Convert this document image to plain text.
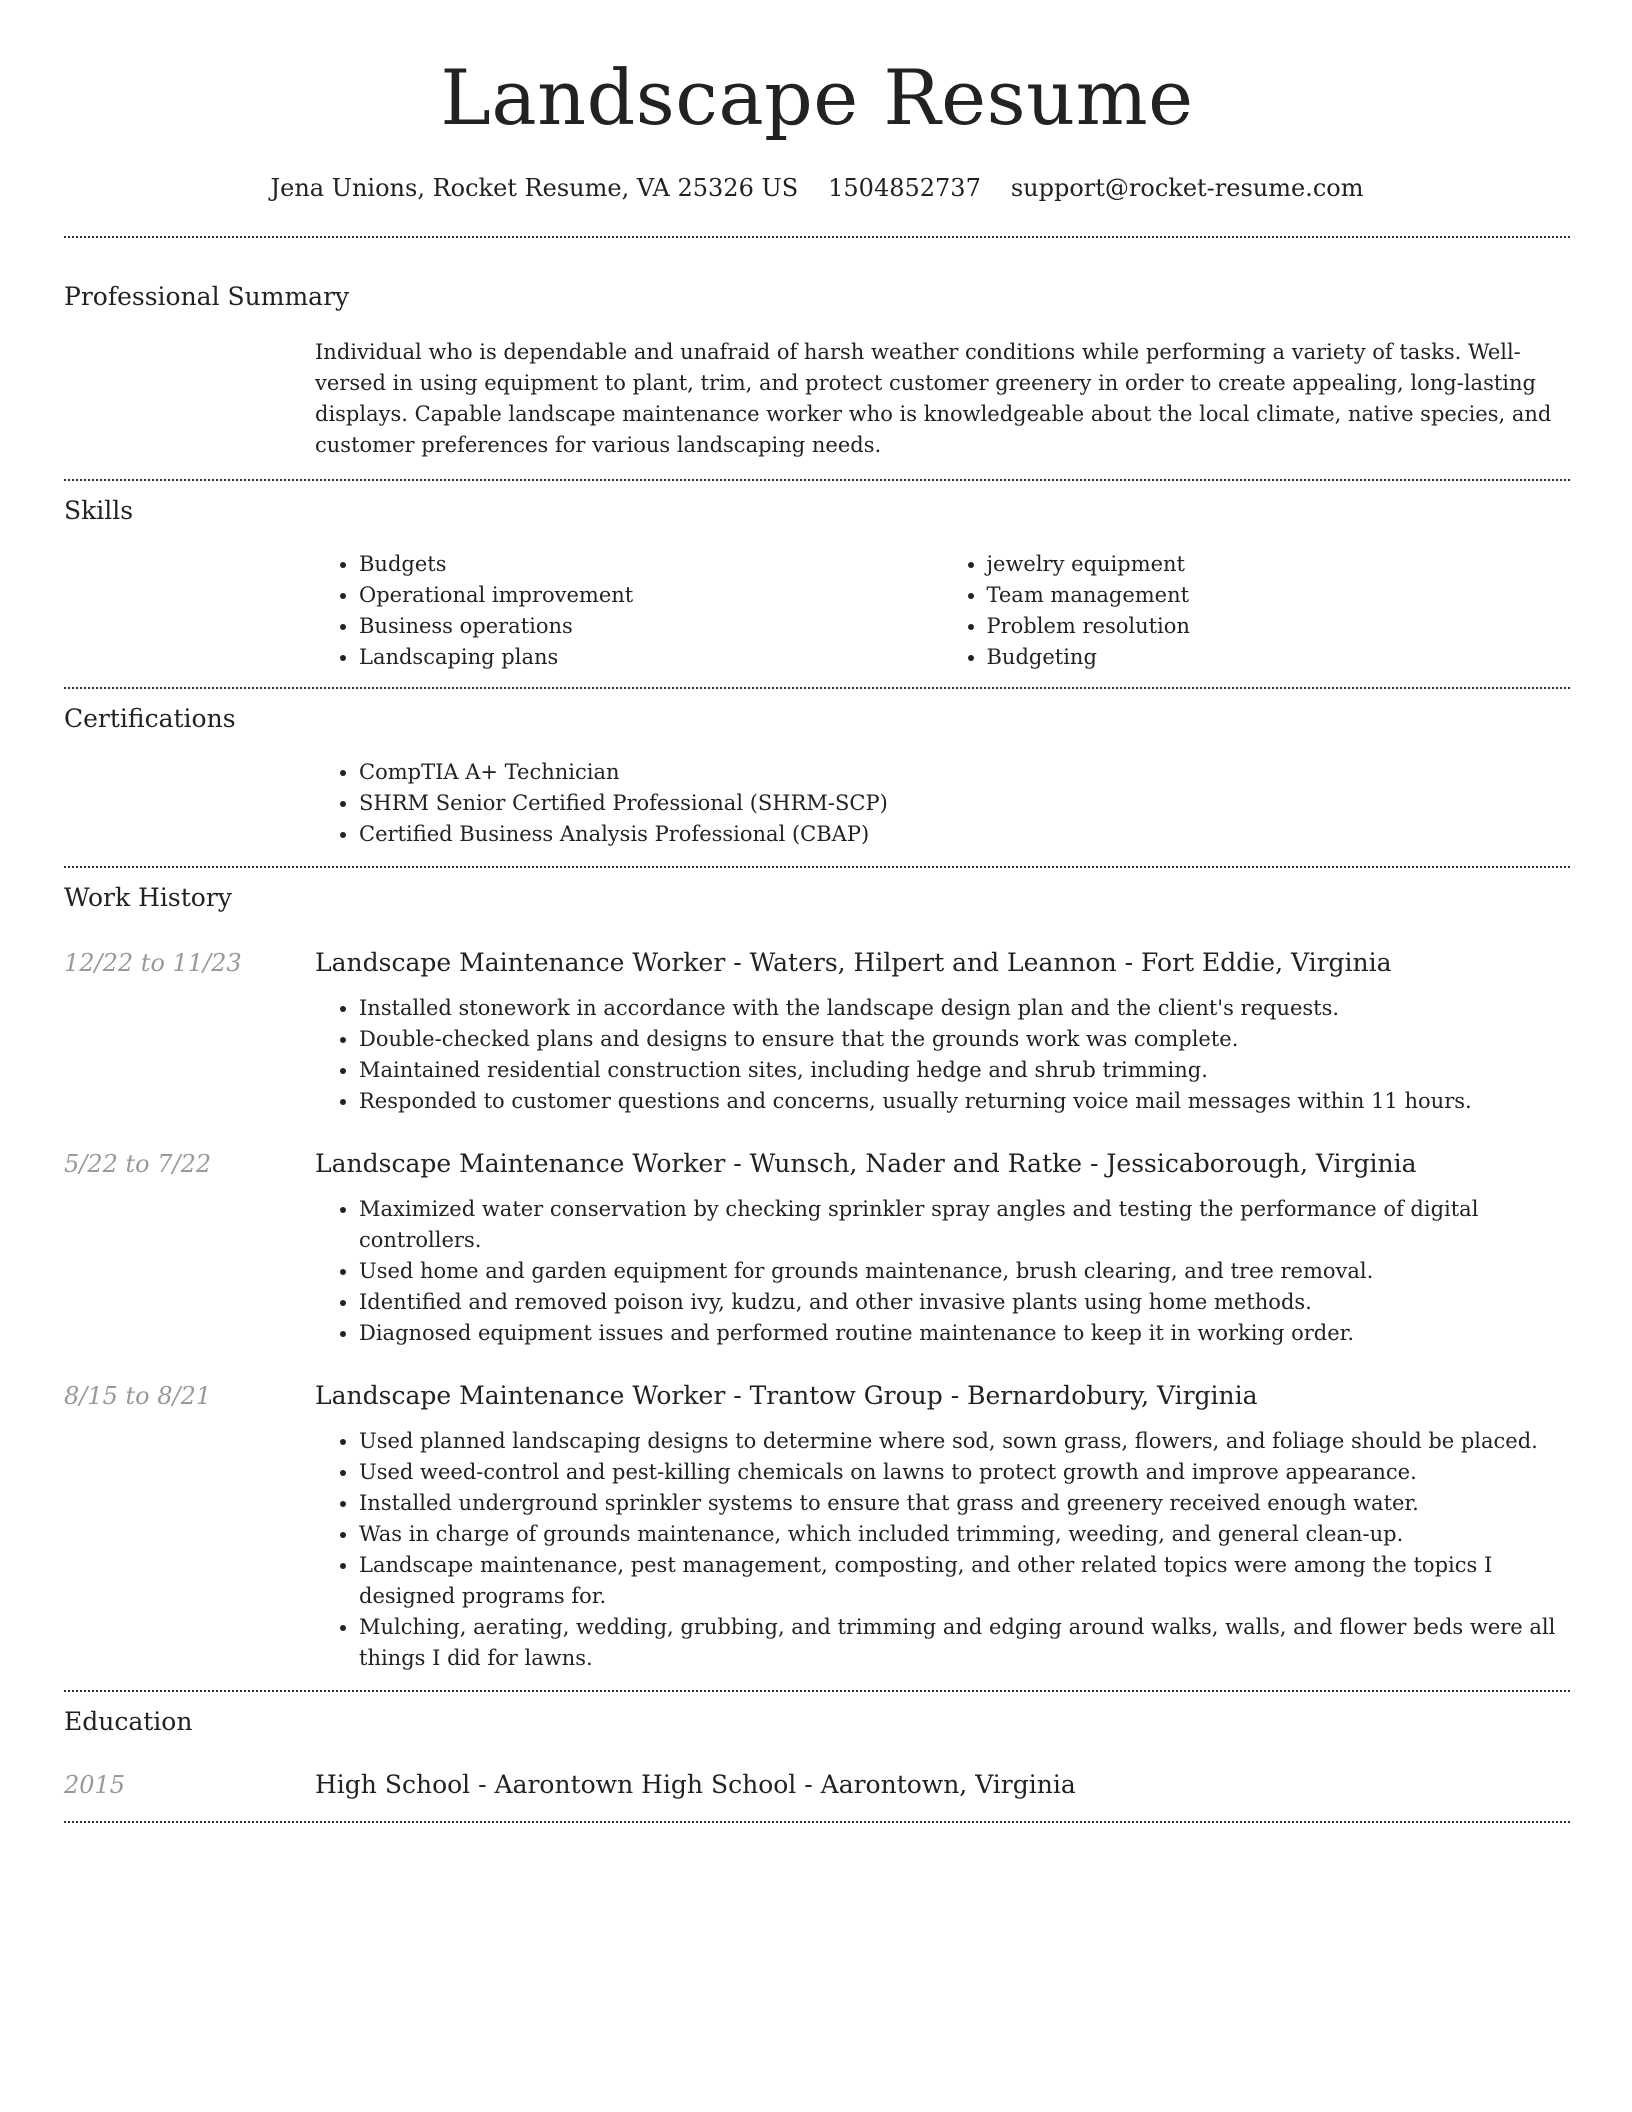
Landscape Resume
Jena Unions, Rocket Resume, VA 25326 US 1504852737 support@rocket-resume.com
Professional Summary
Individual who is dependable and unafraid of harsh weather conditions while performing a variety of tasks. Well-versed in using equipment to plant, trim, and protect customer greenery in order to create appealing, long-lasting displays. Capable landscape maintenance worker who is knowledgeable about the local climate, native species, and customer preferences for various landscaping needs.
Skills
• Budgets
• Operational improvement
• Business operations
• Landscaping plans
• jewelry equipment
• Team management
• Problem resolution
• Budgeting
Certifications
• CompTIA A+ Technician
• SHRM Senior Certified Professional (SHRM-SCP)
• Certified Business Analysis Professional (CBAP)
Work History
12/22 to 11/23	Landscape Maintenance Worker - Waters, Hilpert and Leannon - Fort Eddie, Virginia
• Installed stonework in accordance with the landscape design plan and the client's requests.
• Double-checked plans and designs to ensure that the grounds work was complete.
• Maintained residential construction sites, including hedge and shrub trimming.
• Responded to customer questions and concerns, usually returning voice mail messages within 11 hours.
5/22 to 7/22	Landscape Maintenance Worker - Wunsch, Nader and Ratke - Jessicaborough, Virginia
• Maximized water conservation by checking sprinkler spray angles and testing the performance of digital controllers.
• Used home and garden equipment for grounds maintenance, brush clearing, and tree removal.
• Identified and removed poison ivy, kudzu, and other invasive plants using home methods.
• Diagnosed equipment issues and performed routine maintenance to keep it in working order.
8/15 to 8/21	Landscape Maintenance Worker - Trantow Group - Bernardobury, Virginia
• Used planned landscaping designs to determine where sod, sown grass, flowers, and foliage should be placed.
• Used weed-control and pest-killing chemicals on lawns to protect growth and improve appearance.
• Installed underground sprinkler systems to ensure that grass and greenery received enough water.
• Was in charge of grounds maintenance, which included trimming, weeding, and general clean-up.
• Landscape maintenance, pest management, composting, and other related topics were among the topics I designed programs for.
• Mulching, aerating, wedding, grubbing, and trimming and edging around walks, walls, and flower beds were all things I did for lawns.
Education
2015	High School - Aarontown High School - Aarontown, Virginia
